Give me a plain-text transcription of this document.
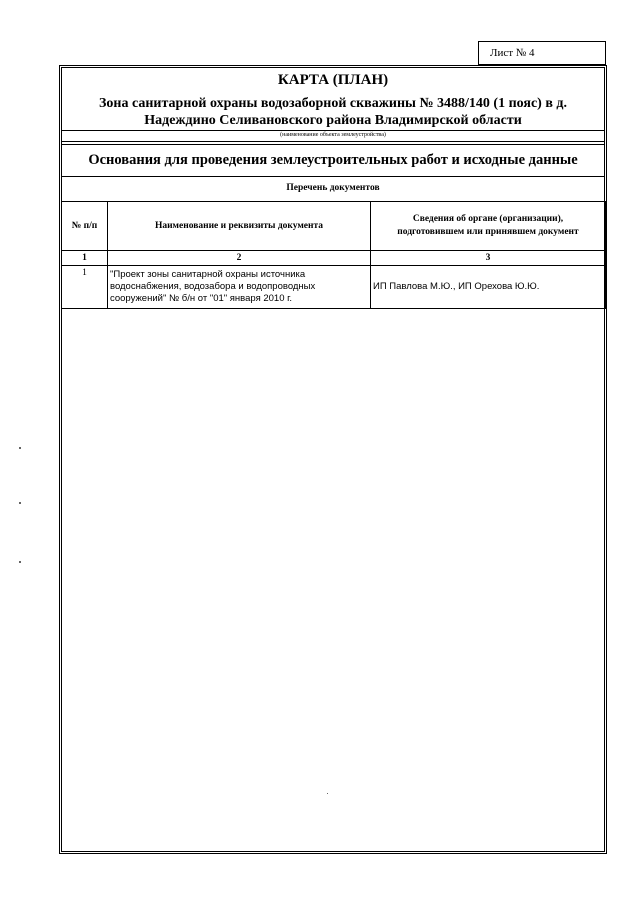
Лист № 4
КАРТА (ПЛАН)
Зона санитарной охраны водозаборной скважины № 3488/140 (1 пояс) в д.
Надеждино Селивановского района Владимирской области
(наименование объекта землеустройства)
Основания для проведения землеустроительных работ и исходные данные
Перечень документов
№ п/п	Наименование и реквизиты документа	Сведения об органе (организации),
подготовившем или принявшем документ

1	2	3
1	"Проект зоны санитарной охраны источника
водоснабжения, водозабора и водопроводных
сооружений" № б/н от "01" января 2010 г.	ИП Павлова М.Ю., ИП Орехова Ю.Ю.
